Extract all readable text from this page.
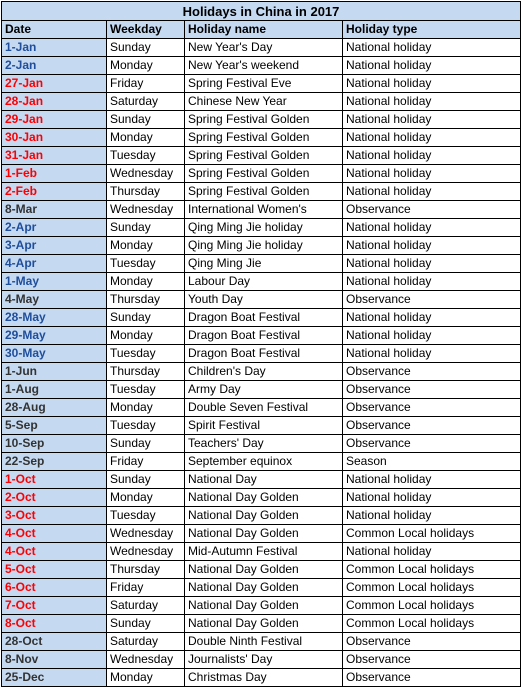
Holidays in China in 2017			
Date	Weekday	Holiday name	Holiday type
1-Jan	Sunday	New Year's Day	National holiday
2-Jan	Monday	New Year's weekend	National holiday
27-Jan	Friday	Spring Festival Eve	National holiday
28-Jan	Saturday	Chinese New Year	National holiday
29-Jan	Sunday	Spring Festival Golden	National holiday
30-Jan	Monday	Spring Festival Golden	National holiday
31-Jan	Tuesday	Spring Festival Golden	National holiday
1-Feb	Wednesday	Spring Festival Golden	National holiday
2-Feb	Thursday	Spring Festival Golden	National holiday
8-Mar	Wednesday	International Women's	Observance
2-Apr	Sunday	Qing Ming Jie holiday	National holiday
3-Apr	Monday	Qing Ming Jie holiday	National holiday
4-Apr	Tuesday	Qing Ming Jie	National holiday
1-May	Monday	Labour Day	National holiday
4-May	Thursday	Youth Day	Observance
28-May	Sunday	Dragon Boat Festival	National holiday
29-May	Monday	Dragon Boat Festival	National holiday
30-May	Tuesday	Dragon Boat Festival	National holiday
1-Jun	Thursday	Children's Day	Observance
1-Aug	Tuesday	Army Day	Observance
28-Aug	Monday	Double Seven Festival	Observance
5-Sep	Tuesday	Spirit Festival	Observance
10-Sep	Sunday	Teachers' Day	Observance
22-Sep	Friday	September equinox	Season
1-Oct	Sunday	National Day	National holiday
2-Oct	Monday	National Day Golden	National holiday
3-Oct	Tuesday	National Day Golden	National holiday
4-Oct	Wednesday	National Day Golden	Common Local holidays
4-Oct	Wednesday	Mid-Autumn Festival	National holiday
5-Oct	Thursday	National Day Golden	Common Local holidays
6-Oct	Friday	National Day Golden	Common Local holidays
7-Oct	Saturday	National Day Golden	Common Local holidays
8-Oct	Sunday	National Day Golden	Common Local holidays
28-Oct	Saturday	Double Ninth Festival	Observance
8-Nov	Wednesday	Journalists' Day	Observance
25-Dec	Monday	Christmas Day	Observance
